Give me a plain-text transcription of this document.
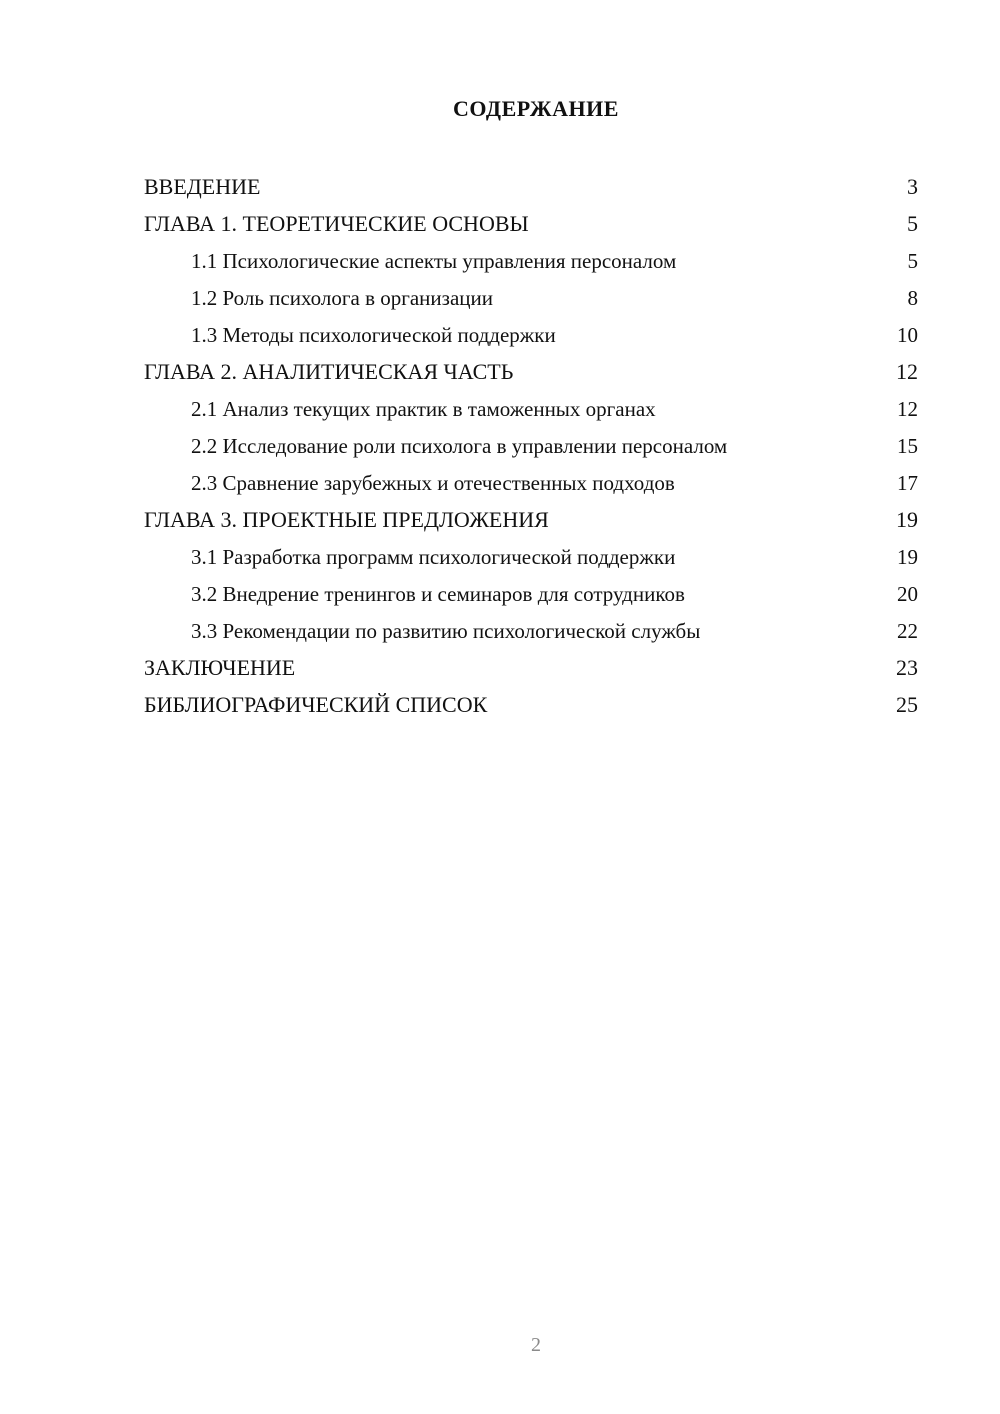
СОДЕРЖАНИЕ
ВВЕДЕНИЕ	3
ГЛАВА 1. ТЕОРЕТИЧЕСКИЕ ОСНОВЫ	5
1.1 Психологические аспекты управления персоналом	5
1.2 Роль психолога в организации	8
1.3 Методы психологической поддержки	10
ГЛАВА 2. АНАЛИТИЧЕСКАЯ ЧАСТЬ	12
2.1 Анализ текущих практик в таможенных органах	12
2.2 Исследование роли психолога в управлении персоналом	15
2.3 Сравнение зарубежных и отечественных подходов	17
ГЛАВА 3. ПРОЕКТНЫЕ ПРЕДЛОЖЕНИЯ	19
3.1 Разработка программ психологической поддержки	19
3.2 Внедрение тренингов и семинаров для сотрудников	20
3.3 Рекомендации по развитию психологической службы	22
ЗАКЛЮЧЕНИЕ	23
БИБЛИОГРАФИЧЕСКИЙ СПИСОК	25
2
